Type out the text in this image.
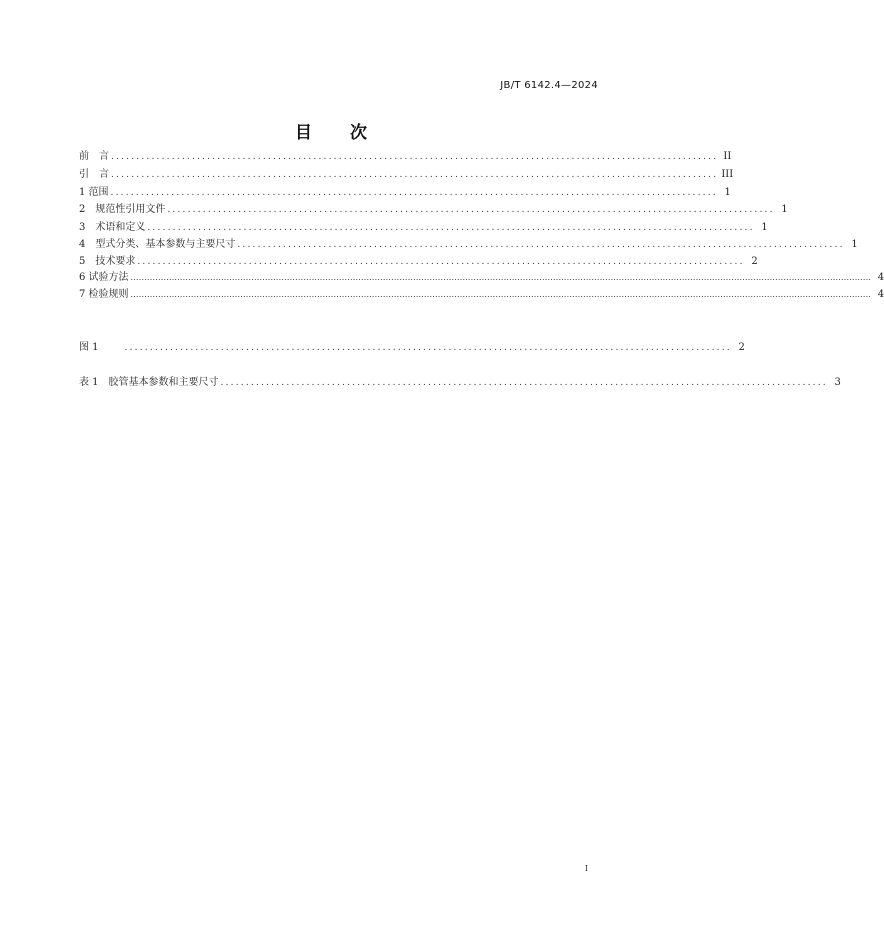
JB/T 6142.4—2024
目 次
前　言 ........................................................................................................................ II
引　言 ........................................................................................................................ III
1 范围 ........................................................................................................................ 1
2　规范性引用文件 ........................................................................................................................ 1
3　术语和定义 ........................................................................................................................ 1
4　型式分类、基本参数与主要尺寸 ........................................................................................................................ 1
5　技术要求 ........................................................................................................................ 2
6 试验方法 .............................................................................................................................................................................................................................................................................. 4
7 检验规则 .............................................................................................................................................................................................................................................................................. 4
图 1	........................................................................................................................ 2
表 1　胶管基本参数和主要尺寸 ........................................................................................................................ 3
I
